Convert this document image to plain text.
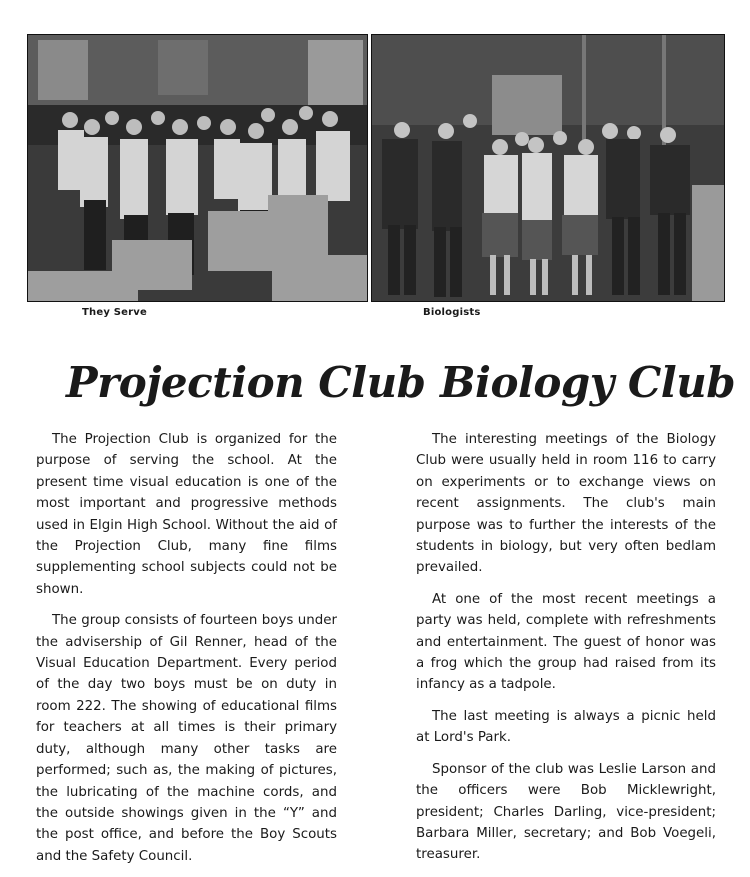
They Serve	Biologists
Projection Club Biology Club

The Projection Club is organized for the purpose of serving the school. At the present time visual education is one of the most important and progressive methods used in Elgin High School. Without the aid of the Projection Club, many fine films supplementing school subjects could not be shown.

The group consists of fourteen boys under the advisership of Gil Renner, head of the Visual Education Department. Every period of the day two boys must be on duty in room 222. The showing of educational films for teachers at all times is their primary duty, although many other tasks are performed; such as, the making of pictures, the lubricating of the machine cords, and the outside showings given in the “Y” and the post office, and before the Boy Scouts and the Safety Council.

The interesting meetings of the Biology Club were usually held in room 116 to carry on experiments or to exchange views on recent assignments. The club's main purpose was to further the interests of the students in biology, but very often bedlam prevailed.

At one of the most recent meetings a party was held, complete with refreshments and entertainment. The guest of honor was a frog which the group had raised from its infancy as a tadpole.

The last meeting is always a picnic held at Lord's Park.

Sponsor of the club was Leslie Larson and the officers were Bob Micklewright, president; Charles Darling, vice-president; Barbara Miller, secretary; and Bob Voegeli, treasurer.
